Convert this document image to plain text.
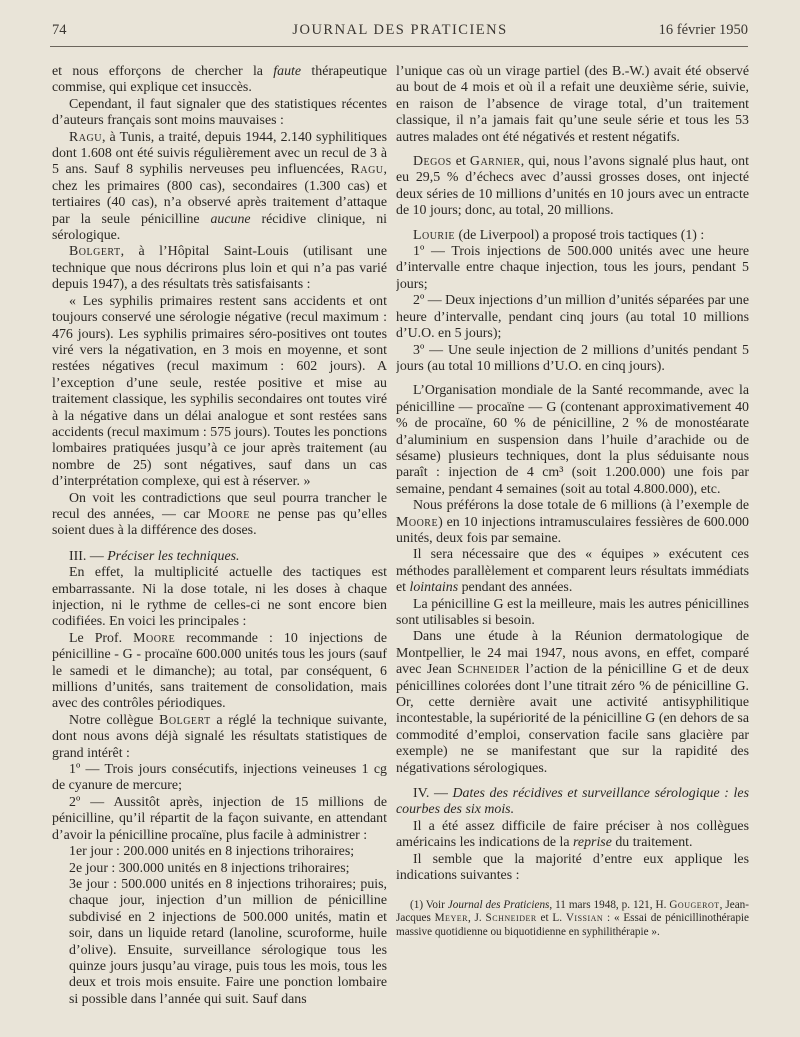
74	JOURNAL DES PRATICIENS	16 février 1950

et nous efforçons de chercher la faute thérapeutique commise, qui explique cet insuccès.

Cependant, il faut signaler que des statistiques récentes d’auteurs français sont moins mauvaises :

Ragu, à Tunis, a traité, depuis 1944, 2.140 syphilitiques dont 1.608 ont été suivis régulièrement avec un recul de 3 à 5 ans. Sauf 8 syphilis nerveuses peu influencées, Ragu, chez les primaires (800 cas), secondaires (1.300 cas) et tertiaires (40 cas), n’a observé après traitement d’attaque par la seule pénicilline aucune récidive clinique, ni sérologique.

Bolgert, à l’Hôpital Saint-Louis (utilisant une technique que nous décrirons plus loin et qui n’a pas varié depuis 1947), a des résultats très satisfaisants :

« Les syphilis primaires restent sans accidents et ont toujours conservé une sérologie négative (recul maximum : 476 jours). Les syphilis primaires séro-positives ont toutes viré vers la négativation, en 3 mois en moyenne, et sont restées négatives (recul maximum : 602 jours). A l’exception d’une seule, restée positive et mise au traitement classique, les syphilis secondaires ont toutes viré à la négative dans un délai analogue et sont restées sans accidents (recul maximum : 575 jours). Toutes les ponctions lombaires pratiquées jusqu’à ce jour après traitement (au nombre de 25) sont négatives, sauf dans un cas d’interprétation complexe, qui est à réserver. »

On voit les contradictions que seul pourra trancher le recul des années, — car Moore ne pense pas qu’elles soient dues à la différence des doses.

III. — Préciser les techniques.

En effet, la multiplicité actuelle des tactiques est embarrassante. Ni la dose totale, ni les doses à chaque injection, ni le rythme de celles-ci ne sont encore bien codifiées. En voici les principales :

Le Prof. Moore recommande : 10 injections de pénicilline - G - procaïne 600.000 unités tous les jours (sauf le samedi et le dimanche); au total, par conséquent, 6 millions d’unités, sans traitement de consolidation, mais avec des contrôles périodiques.

Notre collègue Bolgert a réglé la technique suivante, dont nous avons déjà signalé les résultats statistiques de grand intérêt :

1º — Trois jours consécutifs, injections veineuses 1 cg de cyanure de mercure;

2º — Aussitôt après, injection de 15 millions de pénicilline, qu’il répartit de la façon suivante, en attendant d’avoir la pénicilline procaïne, plus facile à administrer :

1er jour : 200.000 unités en 8 injections trihoraires;

2e jour : 300.000 unités en 8 injections trihoraires;

3e jour : 500.000 unités en 8 injections trihoraires; puis, chaque jour, injection d’un million de pénicilline subdivisé en 2 injections de 500.000 unités, matin et soir, dans un liquide retard (lanoline, scuroforme, huile d’olive). Ensuite, surveillance sérologique tous les quinze jours jusqu’au virage, puis tous les mois, tous les deux et trois mois ensuite. Faire une ponction lombaire si possible dans l’année qui suit. Sauf dans

l’unique cas où un virage partiel (des B.-W.) avait été observé au bout de 4 mois et où il a refait une deuxième série, suivie, en raison de l’absence de virage total, d’un traitement classique, il n’a jamais fait qu’une seule série et tous les 53 autres malades ont été négativés et restent négatifs.

Degos et Garnier, qui, nous l’avons signalé plus haut, ont eu 29,5 % d’échecs avec d’aussi grosses doses, ont injecté deux séries de 10 millions d’unités en 10 jours avec un entracte de 10 jours; donc, au total, 20 millions.

Lourie (de Liverpool) a proposé trois tactiques (1) :

1º — Trois injections de 500.000 unités avec une heure d’intervalle entre chaque injection, tous les jours, pendant 5 jours;

2º — Deux injections d’un million d’unités séparées par une heure d’intervalle, pendant cinq jours (au total 10 millions d’U.O. en 5 jours);

3º — Une seule injection de 2 millions d’unités pendant 5 jours (au total 10 millions d’U.O. en cinq jours).

L’Organisation mondiale de la Santé recommande, avec la pénicilline — procaïne — G (contenant approximativement 40 % de procaïne, 60 % de pénicilline, 2 % de monostéarate d’aluminium en suspension dans l’huile d’arachide ou de sésame) plusieurs techniques, dont la plus séduisante nous paraît : injection de 4 cm³ (soit 1.200.000) une fois par semaine, pendant 4 semaines (soit au total 4.800.000), etc.

Nous préférons la dose totale de 6 millions (à l’exemple de Moore) en 10 injections intramusculaires fessières de 600.000 unités, deux fois par semaine.

Il sera nécessaire que des « équipes » exécutent ces méthodes parallèlement et comparent leurs résultats immédiats et lointains pendant des années.

La pénicilline G est la meilleure, mais les autres pénicillines sont utilisables si besoin.

Dans une étude à la Réunion dermatologique de Montpellier, le 24 mai 1947, nous avons, en effet, comparé avec Jean Schneider l’action de la pénicilline G et de deux pénicillines colorées dont l’une titrait zéro % de pénicilline G. Or, cette dernière avait une activité antisyphilitique incontestable, la supériorité de la pénicilline G (en dehors de sa commodité d’emploi, conservation facile sans glacière par exemple) ne se manifestant que sur la rapidité des négativations sérologiques.

IV. — Dates des récidives et surveillance sérologique : les courbes des six mois.

Il a été assez difficile de faire préciser à nos collègues américains les indications de la reprise du traitement.

Il semble que la majorité d’entre eux applique les indications suivantes :

(1) Voir Journal des Praticiens, 11 mars 1948, p. 121, H. Gougerot, Jean-Jacques Meyer, J. Schneider et L. Vissian : « Essai de pénicillinothérapie massive quotidienne ou biquotidienne en syphilithérapie ».
